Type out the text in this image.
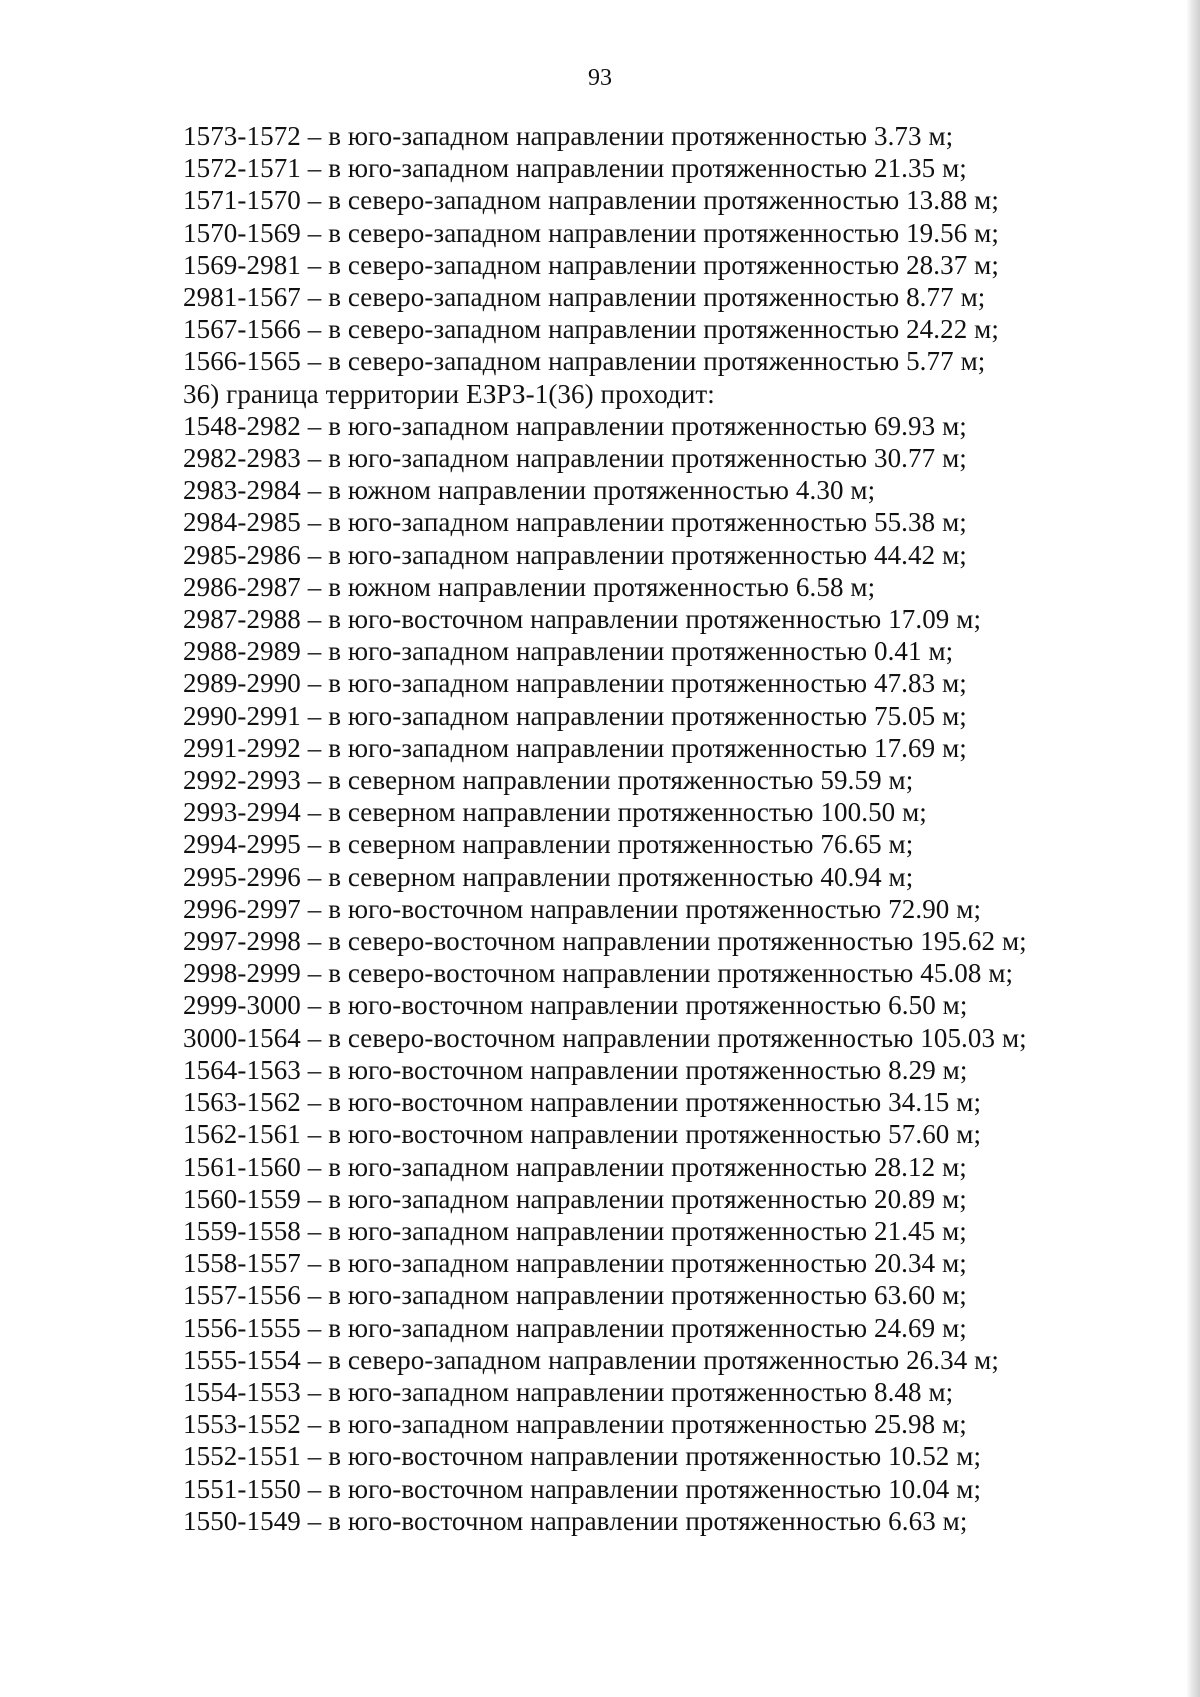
93
1573-1572 – в юго-западном направлении протяженностью 3.73 м;
1572-1571 – в юго-западном направлении протяженностью 21.35 м;
1571-1570 – в северо-западном направлении протяженностью 13.88 м;
1570-1569 – в северо-западном направлении протяженностью 19.56 м;
1569-2981 – в северо-западном направлении протяженностью 28.37 м;
2981-1567 – в северо-западном направлении протяженностью 8.77 м;
1567-1566 – в северо-западном направлении протяженностью 24.22 м;
1566-1565 – в северо-западном направлении протяженностью 5.77 м;
36) граница территории ЕЗРЗ-1(36) проходит:
1548-2982 – в юго-западном направлении протяженностью 69.93 м;
2982-2983 – в юго-западном направлении протяженностью 30.77 м;
2983-2984 – в южном направлении протяженностью 4.30 м;
2984-2985 – в юго-западном направлении протяженностью 55.38 м;
2985-2986 – в юго-западном направлении протяженностью 44.42 м;
2986-2987 – в южном направлении протяженностью 6.58 м;
2987-2988 – в юго-восточном направлении протяженностью 17.09 м;
2988-2989 – в юго-западном направлении протяженностью 0.41 м;
2989-2990 – в юго-западном направлении протяженностью 47.83 м;
2990-2991 – в юго-западном направлении протяженностью 75.05 м;
2991-2992 – в юго-западном направлении протяженностью 17.69 м;
2992-2993 – в северном направлении протяженностью 59.59 м;
2993-2994 – в северном направлении протяженностью 100.50 м;
2994-2995 – в северном направлении протяженностью 76.65 м;
2995-2996 – в северном направлении протяженностью 40.94 м;
2996-2997 – в юго-восточном направлении протяженностью 72.90 м;
2997-2998 – в северо-восточном направлении протяженностью 195.62 м;
2998-2999 – в северо-восточном направлении протяженностью 45.08 м;
2999-3000 – в юго-восточном направлении протяженностью 6.50 м;
3000-1564 – в северо-восточном направлении протяженностью 105.03 м;
1564-1563 – в юго-восточном направлении протяженностью 8.29 м;
1563-1562 – в юго-восточном направлении протяженностью 34.15 м;
1562-1561 – в юго-восточном направлении протяженностью 57.60 м;
1561-1560 – в юго-западном направлении протяженностью 28.12 м;
1560-1559 – в юго-западном направлении протяженностью 20.89 м;
1559-1558 – в юго-западном направлении протяженностью 21.45 м;
1558-1557 – в юго-западном направлении протяженностью 20.34 м;
1557-1556 – в юго-западном направлении протяженностью 63.60 м;
1556-1555 – в юго-западном направлении протяженностью 24.69 м;
1555-1554 – в северо-западном направлении протяженностью 26.34 м;
1554-1553 – в юго-западном направлении протяженностью 8.48 м;
1553-1552 – в юго-западном направлении протяженностью 25.98 м;
1552-1551 – в юго-восточном направлении протяженностью 10.52 м;
1551-1550 – в юго-восточном направлении протяженностью 10.04 м;
1550-1549 – в юго-восточном направлении протяженностью 6.63 м;
